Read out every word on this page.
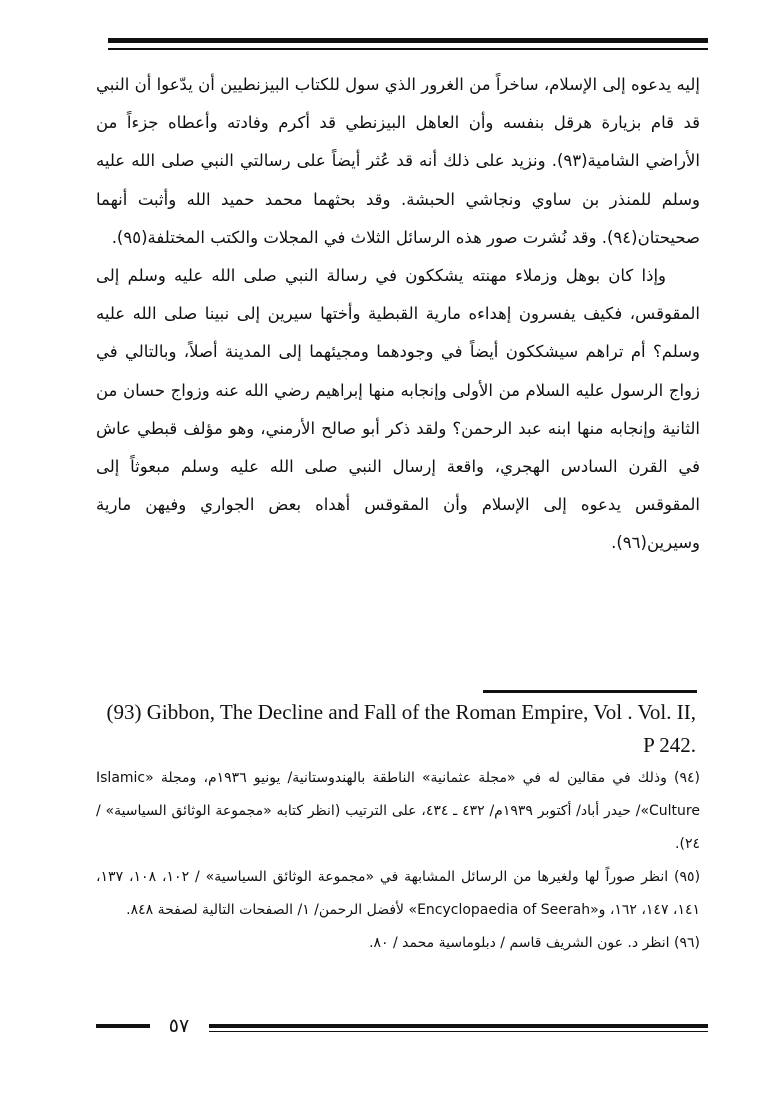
إليه يدعوه إلى الإسلام، ساخراً من الغرور الذي سول للكتاب البيزنطيين أن يدّعوا أن النبي قد قام بزيارة هرقل بنفسه وأن العاهل البيزنطي قد أكرم وفادته وأعطاه جزءاً من الأراضي الشامية(٩٣). ونزيد على ذلك أنه قد عُثر أيضاً على رسالتي النبي صلى الله عليه وسلم للمنذر بن ساوي ونجاشي الحبشة. وقد بحثهما محمد حميد الله وأثبت أنهما صحيحتان(٩٤). وقد نُشرت صور هذه الرسائل الثلاث في المجلات والكتب المختلفة(٩٥).

وإذا كان بوهل وزملاء مهنته يشككون في رسالة النبي صلى الله عليه وسلم إلى المقوقس، فكيف يفسرون إهداءه مارية القبطية وأختها سيرين إلى نبينا صلى الله عليه وسلم؟ أم تراهم سيشككون أيضاً في وجودهما ومجيئهما إلى المدينة أصلاً، وبالتالي في زواج الرسول عليه السلام من الأولى وإنجابه منها إبراهيم رضي الله عنه وزواج حسان من الثانية وإنجابه منها ابنه عبد الرحمن؟ ولقد ذكر أبو صالح الأرمني، وهو مؤلف قبطي عاش في القرن السادس الهجري، واقعة إرسال النبي صلى الله عليه وسلم مبعوثاً إلى المقوقس يدعوه إلى الإسلام وأن المقوقس أهداه بعض الجواري وفيهن مارية وسيرين(٩٦).

(93) Gibbon, The Decline and Fall of the Roman Empire, Vol . Vol. II, P 242.

(٩٤) وذلك في مقالين له في «مجلة عثمانية» الناطقة بالهندوستانية/ يونيو ١٩٣٦م، ومجلة «Islamic Culture»/ حيدر أباد/ أكتوبر ١٩٣٩م/ ٤٣٢ ـ ٤٣٤، على الترتيب (انظر كتابه «مجموعة الوثائق السياسية» / ٢٤).

(٩٥) انظر صوراً لها ولغيرها من الرسائل المشابهة في «مجموعة الوثائق السياسية» / ١٠٢، ١٠٨، ١٣٧، ١٤١، ١٤٧، ١٦٢، و«Encyclopaedia of Seerah» لأفضل الرحمن/ ١/ الصفحات التالية لصفحة ٨٤٨.

(٩٦) انظر د. عون الشريف قاسم / دبلوماسية محمد / ٨٠.

٥٧
